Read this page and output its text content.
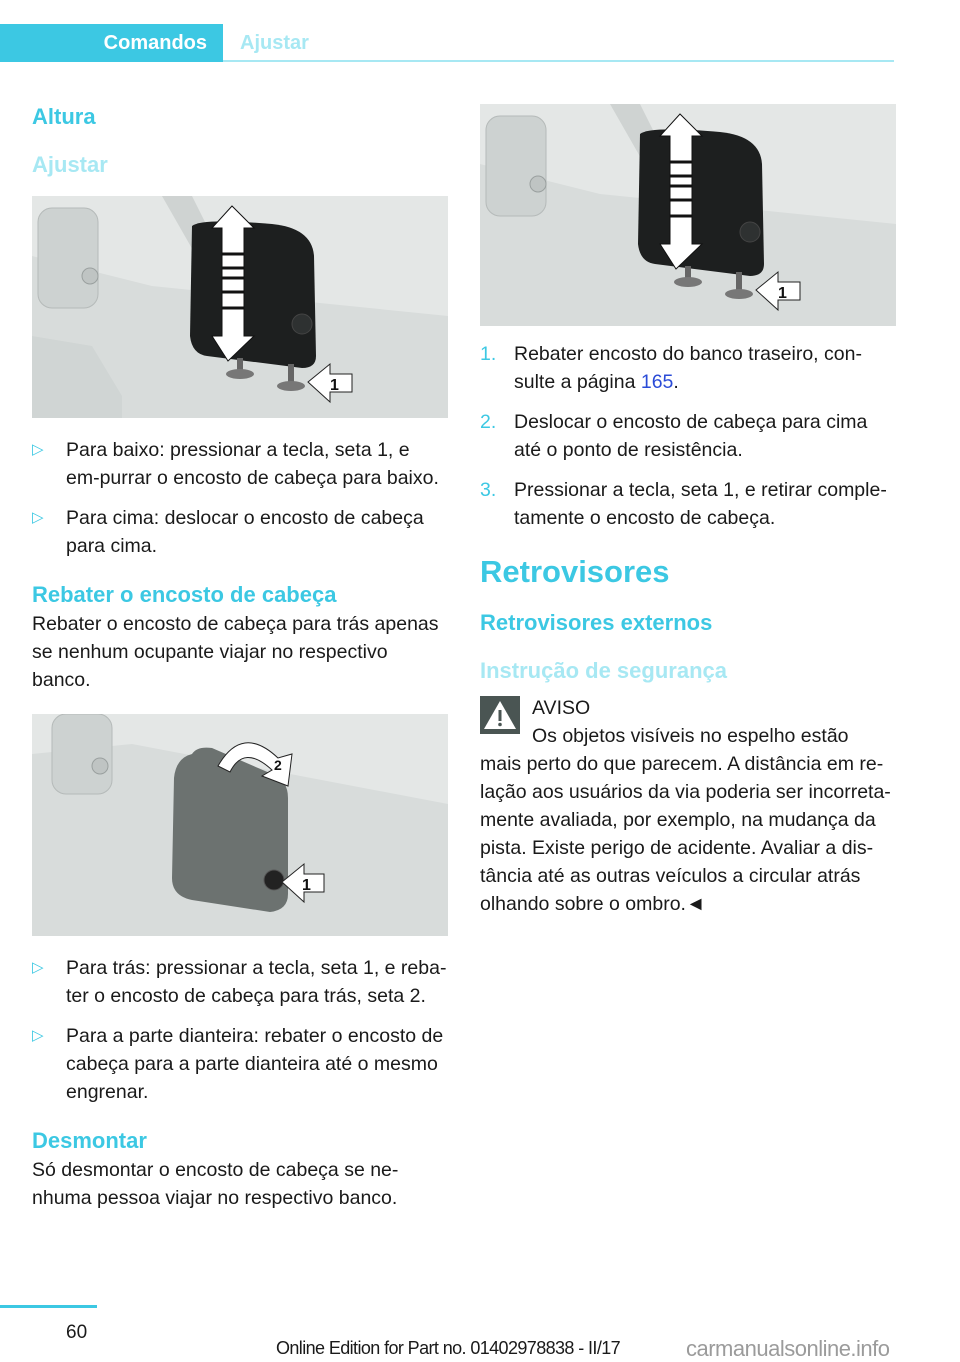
Comandos Ajustar
Altura
Ajustar
1
▷ Para baixo: pressionar a tecla, seta 1, e em-purrar o encosto de cabeça para baixo.
▷ Para cima: deslocar o encosto de cabeça para cima.
Rebater o encosto de cabeça

Rebater o encosto de cabeça para trás apenas se nenhum ocupante viajar no respectivo banco.

2
1
▷ Para trás: pressionar a tecla, seta 1, e reba-ter o encosto de cabeça para trás, seta 2.
▷ Para a parte dianteira: rebater o encosto de cabeça para a parte dianteira até o mesmo engrenar.
Desmontar

Só desmontar o encosto de cabeça se ne-nhuma pessoa viajar no respectivo banco.

1
1. Rebater encosto do banco traseiro, con-sulte a página 165.
2. Deslocar o encosto de cabeça para cima até o ponto de resistência.
3. Pressionar a tecla, seta 1, e retirar comple-tamente o encosto de cabeça.
Retrovisores
Retrovisores externos
Instrução de segurança
AVISO

Os objetos visíveis no espelho estão

mais perto do que parecem. A distância em re-lação aos usuários da via poderia ser incorreta-mente avaliada, por exemplo, na mudança da pista. Existe perigo de acidente. Avaliar a dis-tância até as outras veículos a circular atrás olhando sobre o ombro.◄

60
Online Edition for Part no. 01402978838 - II/17	carmanualsonline.info
